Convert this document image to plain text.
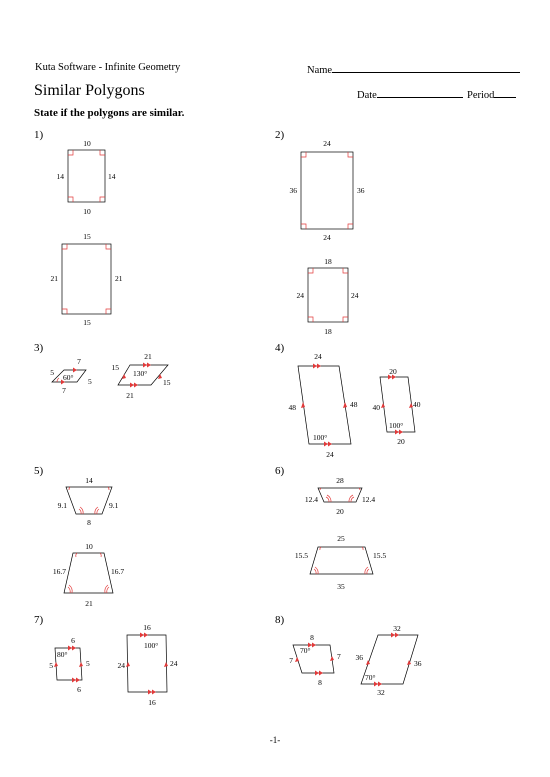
Kuta Software - Infinite Geometry	Name
Similar Polygons	Date	Period
State if the polygons are similar.
1)	2)
3)	4)
5)	6)
7)	8)
10
14	14
10
15
21	21
15
24
36	36
24
18
24	24
18
7
5
5
7
60°
21
15
15
21
130°
24
48	48
24
100°
20
40	40
20
100°
14
9.1	9.1
8
10
16.7	16.7
21
28
12.4	12.4
20
25
15.5	15.5
35
6
5	5
6
80°
16
24	24
16
100°
8
7	7
8
70°
32
36
36
32
70°
-1-
